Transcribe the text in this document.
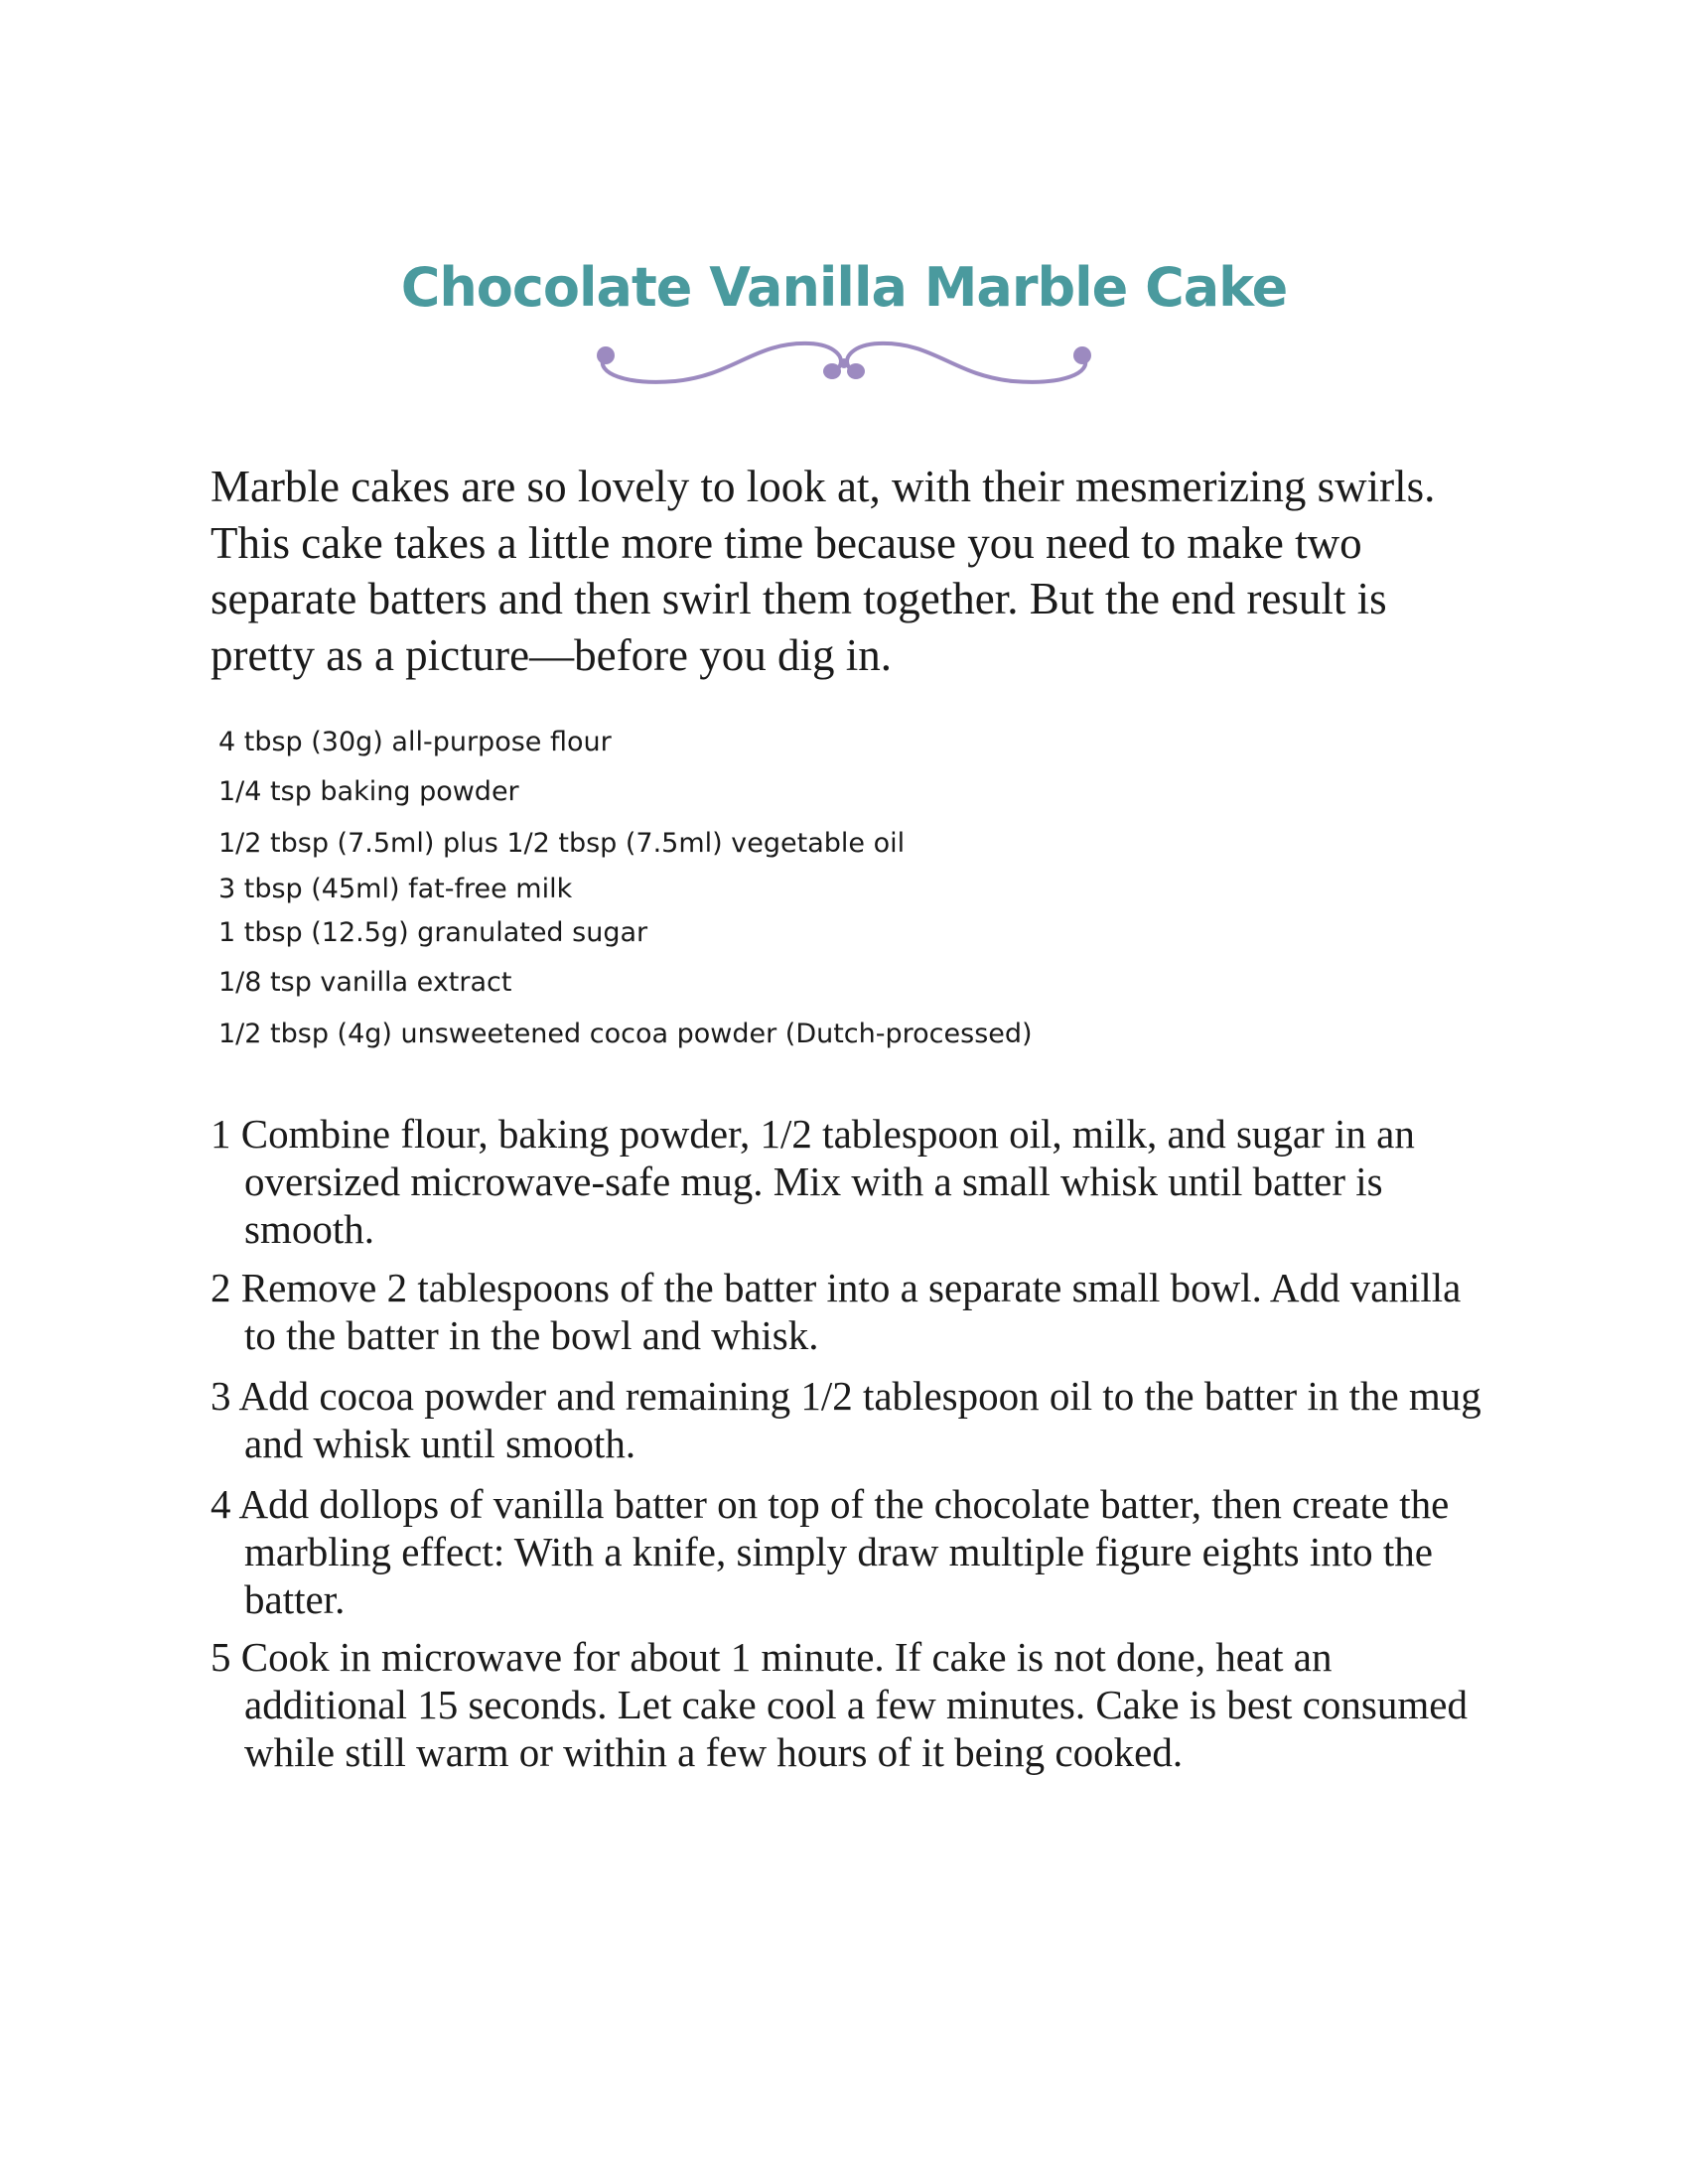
Chocolate Vanilla Marble Cake

Marble cakes are so lovely to look at, with their mesmerizing swirls. This cake takes a little more time because you need to make two separate batters and then swirl them together. But the end result is pretty as a picture—before you dig in.

4 tbsp (30g) all-purpose flour
1/4 tsp baking powder
1/2 tbsp (7.5ml) plus 1/2 tbsp (7.5ml) vegetable oil
3 tbsp (45ml) fat-free milk
1 tbsp (12.5g) granulated sugar
1/8 tsp vanilla extract
1/2 tbsp (4g) unsweetened cocoa powder (Dutch-processed)
1 Combine flour, baking powder, 1/2 tablespoon oil, milk, and sugar in an oversized microwave-safe mug. Mix with a small whisk until batter is smooth.
2 Remove 2 tablespoons of the batter into a separate small bowl. Add vanilla to the batter in the bowl and whisk.
3 Add cocoa powder and remaining 1/2 tablespoon oil to the batter in the mug and whisk until smooth.
4 Add dollops of vanilla batter on top of the chocolate batter, then create the marbling effect: With a knife, simply draw multiple figure eights into the batter.
5 Cook in microwave for about 1 minute. If cake is not done, heat an additional 15 seconds. Let cake cool a few minutes. Cake is best consumed while still warm or within a few hours of it being cooked.
